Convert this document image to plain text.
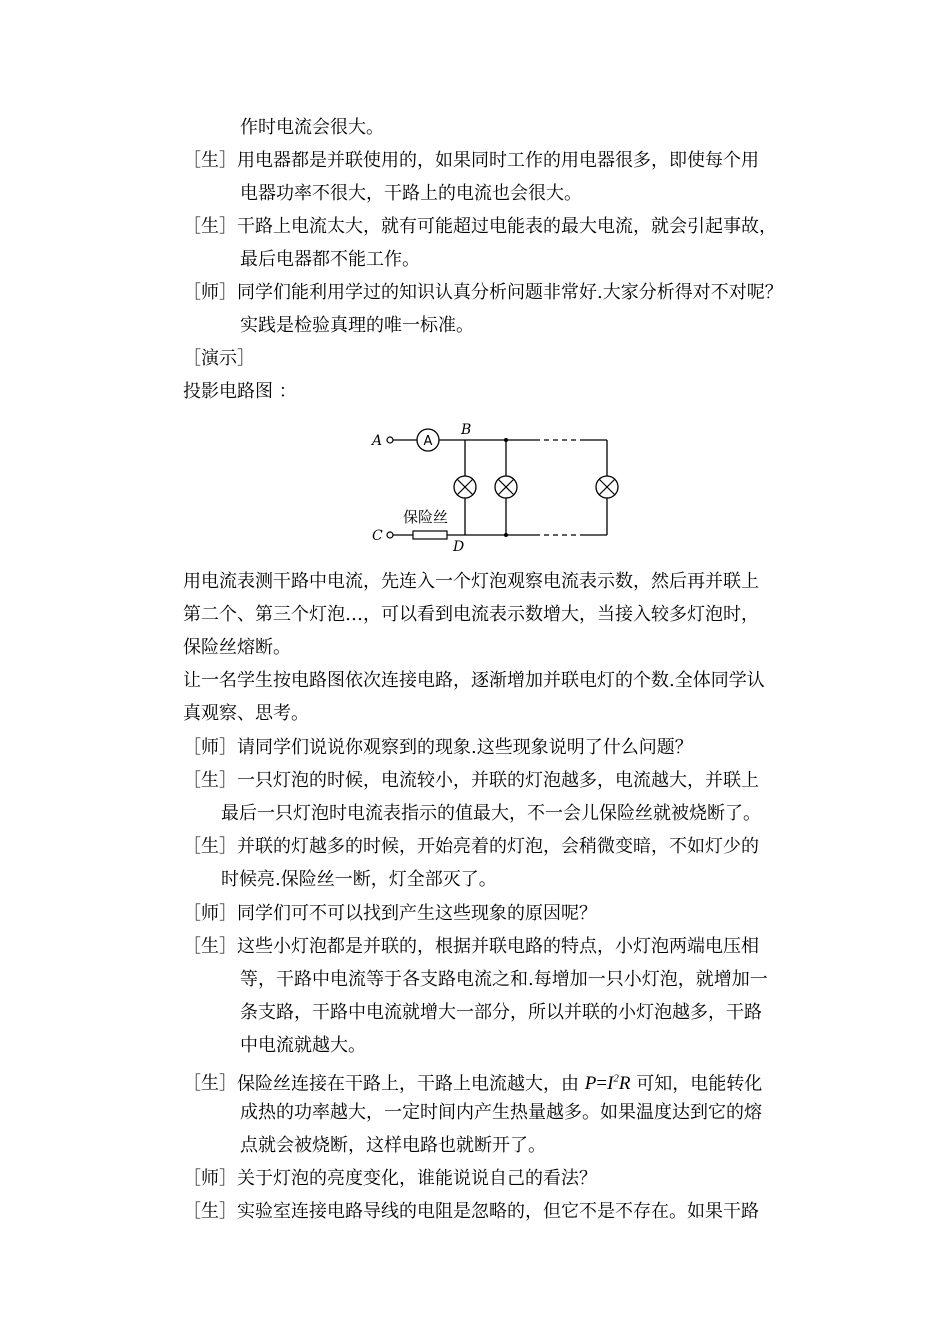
作时电流会很大。
［生］用电器都是并联使用的，如果同时工作的用电器很多，即使每个用
电器功率不很大，干路上的电流也会很大。
［生］干路上电流太大，就有可能超过电能表的最大电流，就会引起事故，
最后电器都不能工作。
［师］同学们能利用学过的知识认真分析问题非常好.大家分析得对不对呢？
实践是检验真理的唯一标准。
［演示］
投影电路图 ：
A
A
B
C
D
保险丝
用电流表测干路中电流，先连入一个灯泡观察电流表示数，然后再并联上
第二个、第三个灯泡…，可以看到电流表示数增大，当接入较多灯泡时，
保险丝熔断。
让一名学生按电路图依次连接电路，逐渐增加并联电灯的个数.全体同学认
真观察、思考。
［师］请同学们说说你观察到的现象.这些现象说明了什么问题？
［生］一只灯泡的时候，电流较小，并联的灯泡越多，电流越大，并联上
最后一只灯泡时电流表指示的值最大，不一会儿保险丝就被烧断了。
［生］并联的灯越多的时候，开始亮着的灯泡，会稍微变暗，不如灯少的
时候亮.保险丝一断，灯全部灭了。
［师］同学们可不可以找到产生这些现象的原因呢？
［生］这些小灯泡都是并联的，根据并联电路的特点，小灯泡两端电压相
等，干路中电流等于各支路电流之和.每增加一只小灯泡，就增加一
条支路，干路中电流就增大一部分，所以并联的小灯泡越多，干路
中电流就越大。
［生］保险丝连接在干路上，干路上电流越大，由 $P=I^2R$ 可知，电能转化
成热的功率越大，一定时间内产生热量越多。如果温度达到它的熔
点就会被烧断，这样电路也就断开了。
［师］关于灯泡的亮度变化，谁能说说自己的看法？
［生］实验室连接电路导线的电阻是忽略的，但它不是不存在。如果干路
